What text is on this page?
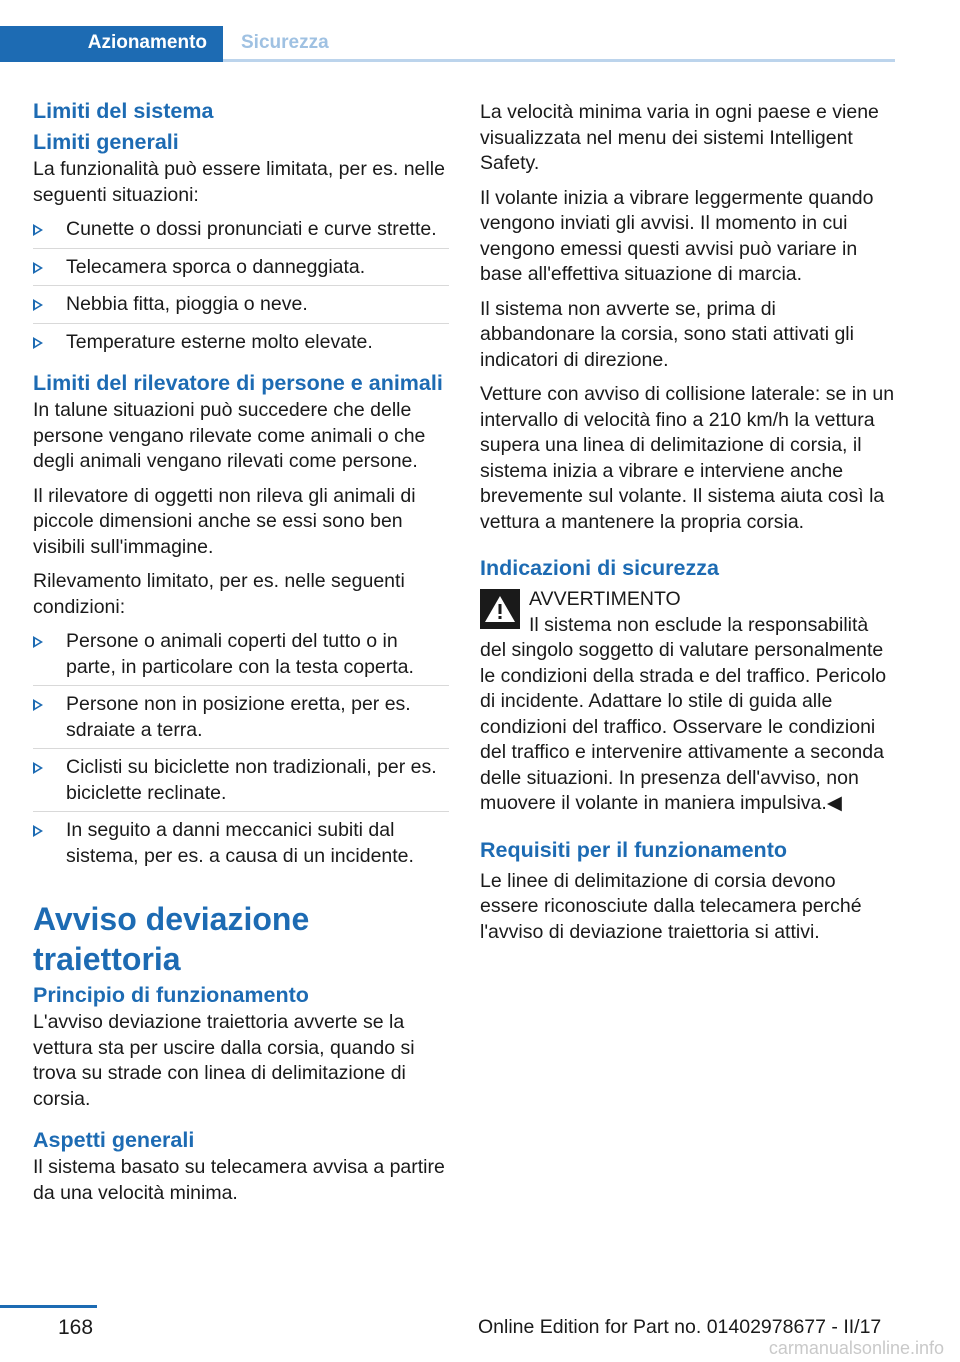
Azionamento	Sicurezza
Limiti del sistema
Limiti generali

La funzionalità può essere limitata, per es. nelle seguenti situazioni:

Cunette o dossi pronunciati e curve strette.
Telecamera sporca o danneggiata.
Nebbia fitta, pioggia o neve.
Temperature esterne molto elevate.
Limiti del rilevatore di persone e animali

In talune situazioni può succedere che delle persone vengano rilevate come animali o che degli animali vengano rilevati come persone.

Il rilevatore di oggetti non rileva gli animali di piccole dimensioni anche se essi sono ben visibili sull'immagine.

Rilevamento limitato, per es. nelle seguenti condizioni:

Persone o animali coperti del tutto o in parte, in particolare con la testa coperta.
Persone non in posizione eretta, per es. sdraiate a terra.
Ciclisti su biciclette non tradizionali, per es. biciclette reclinate.
In seguito a danni meccanici subiti dal sistema, per es. a causa di un incidente.
Avviso deviazione traiettoria
Principio di funzionamento

L'avviso deviazione traiettoria avverte se la vettura sta per uscire dalla corsia, quando si trova su strade con linea di delimitazione di corsia.

Aspetti generali

Il sistema basato su telecamera avvisa a partire da una velocità minima.

La velocità minima varia in ogni paese e viene visualizzata nel menu dei sistemi Intelligent Safety.

Il volante inizia a vibrare leggermente quando vengono inviati gli avvisi. Il momento in cui vengono emessi questi avvisi può variare in base all'effettiva situazione di marcia.

Il sistema non avverte se, prima di abbandonare la corsia, sono stati attivati gli indicatori di direzione.

Vetture con avviso di collisione laterale: se in un intervallo di velocità fino a 210 km/h la vettura supera una linea di delimitazione di corsia, il sistema inizia a vibrare e interviene anche brevemente sul volante. Il sistema aiuta così la vettura a mantenere la propria corsia.

Indicazioni di sicurezza
AVVERTIMENTO
Il sistema non esclude la responsabilità

del singolo soggetto di valutare personalmente le condizioni della strada e del traffico. Pericolo di incidente. Adattare lo stile di guida alle condizioni del traffico. Osservare le condizioni del traffico e intervenire attivamente a seconda delle situazioni. In presenza dell'avviso, non muovere il volante in maniera impulsiva.◀

Requisiti per il funzionamento

Le linee di delimitazione di corsia devono essere riconosciute dalla telecamera perché l'avviso di deviazione traiettoria si attivi.

168	Online Edition for Part no. 01402978677 - II/17
carmanualsonline.info
